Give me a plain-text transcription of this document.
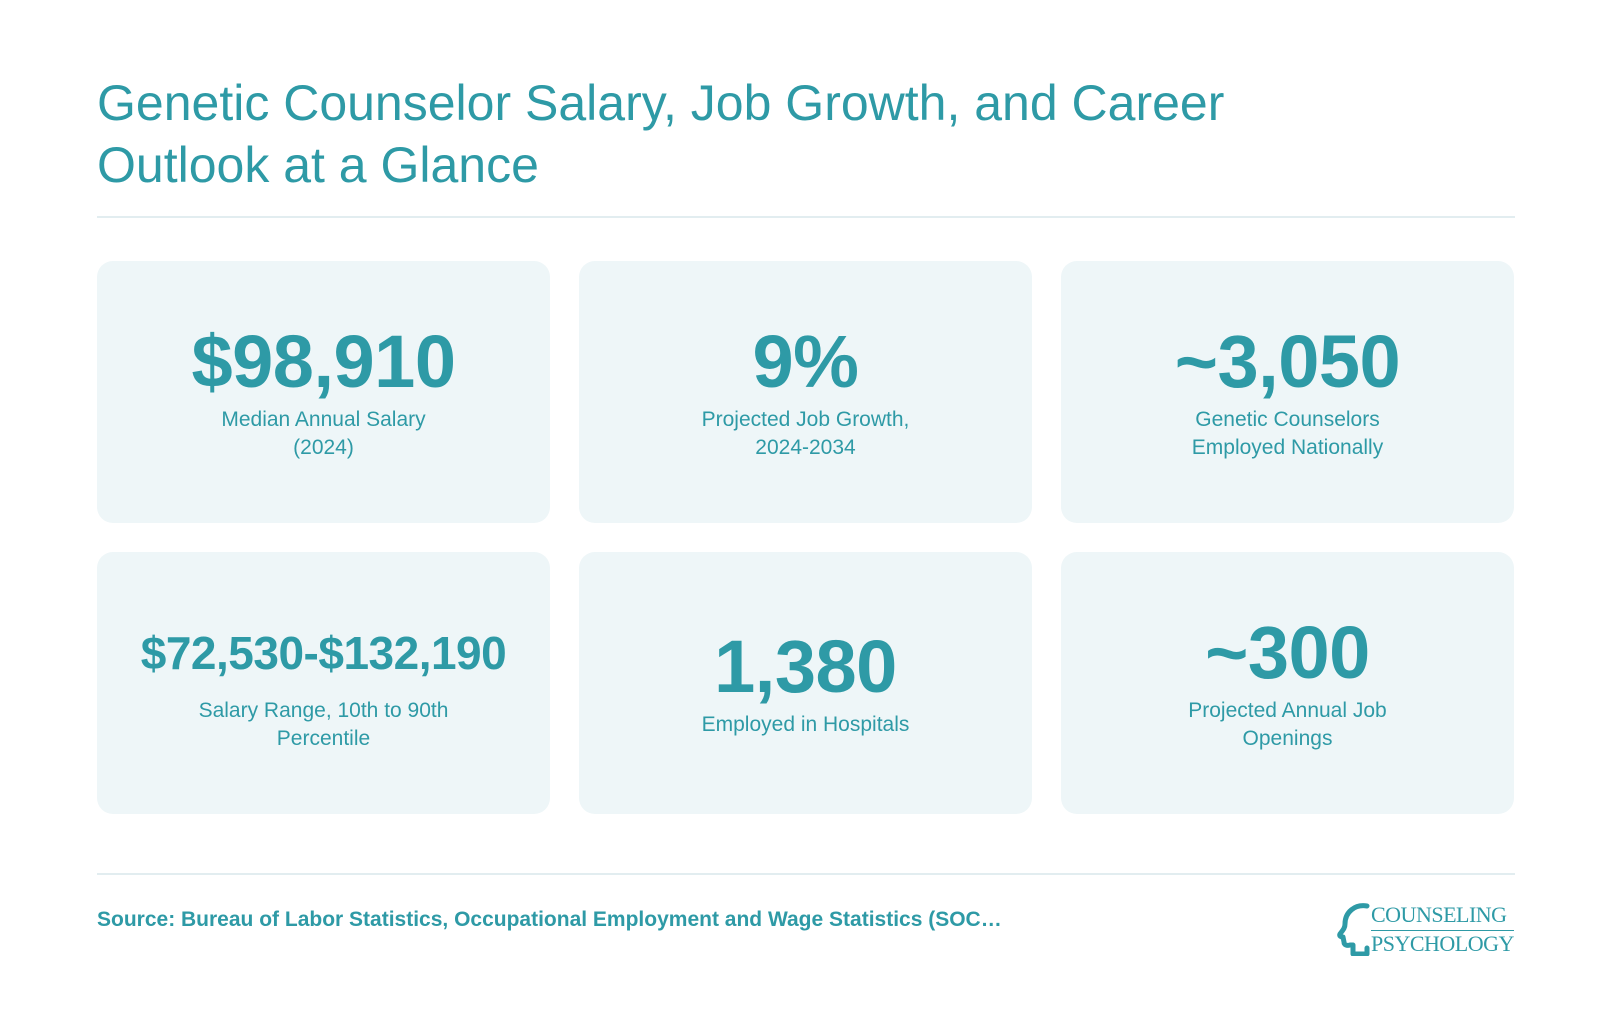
Genetic Counselor Salary, Job Growth, and Career Outlook at a Glance
$98,910
Median Annual Salary (2024)
9%
Projected Job Growth, 2024-2034
~3,050
Genetic Counselors Employed Nationally
$72,530-$132,190
Salary Range, 10th to 90th Percentile
1,380
Employed in Hospitals
~300
Projected Annual Job Openings
Source: Bureau of Labor Statistics, Occupational Employment and Wage Statistics (SOC…	COUNSELING
PSYCHOLOGY
